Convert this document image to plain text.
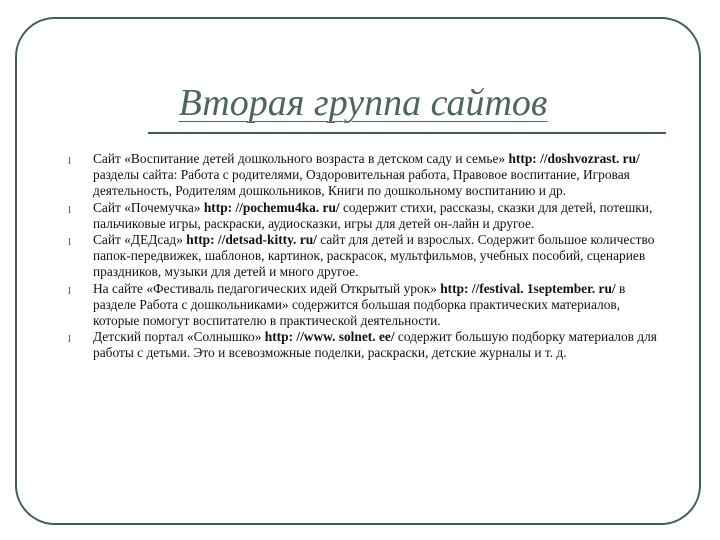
Вторая группа сайтов
l Сайт «Воспитание детей дошкольного возраста в детском саду и семье» http: //doshvozrast. ru/ разделы сайта: Работа с родителями, Оздоровительная работа, Правовое воспитание, Игровая деятельность, Родителям дошкольников, Книги по дошкольному воспитанию и др.
l Сайт «Почемучка» http: //pochemu4ka. ru/ содержит стихи, рассказы, сказки для детей, потешки, пальчиковые игры, раскраски, аудиосказки, игры для детей он-лайн и другое.
l Сайт «ДЕДсад» http: //detsad-kitty. ru/ сайт для детей и взрослых. Содержит большое количество папок-передвижек, шаблонов, картинок, раскрасок, мультфильмов, учебных пособий, сценариев праздников, музыки для детей и много другое.
l На сайте «Фестиваль педагогических идей Открытый урок» http: //festival. 1september. ru/ в разделе Работа с дошкольниками» содержится большая подборка практических материалов, которые помогут воспитателю в практической деятельности.
l Детский портал «Солнышко» http: //www. solnet. ee/ содержит большую подборку материалов для работы с детьми. Это и всевозможные поделки, раскраски, детские журналы и т. д.
